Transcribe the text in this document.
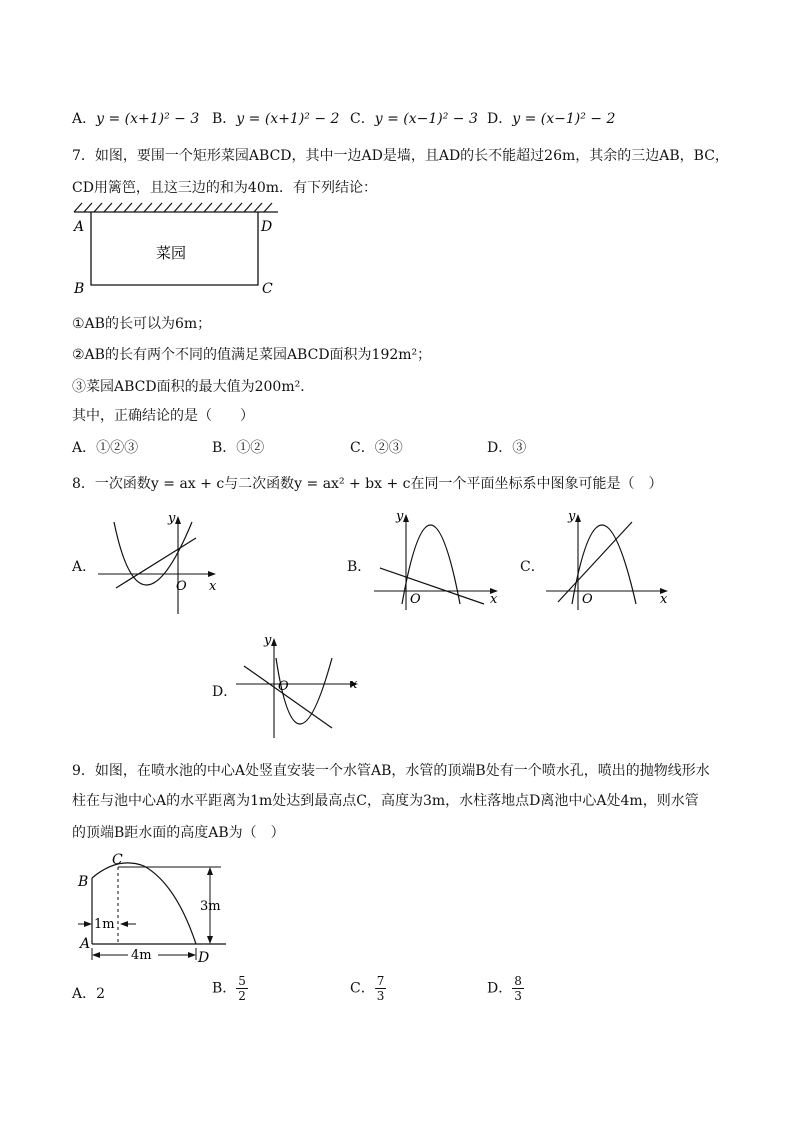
A．y = (x+1)² − 3 B．y = (x+1)² − 2 C．y = (x−1)² − 3 D．y = (x−1)² − 2
7．如图，要围一个矩形菜园ABCD，其中一边AD是墙，且AD的长不能超过26m，其余的三边AB，BC，
CD用篱笆，且这三边的和为40m．有下列结论：
菜园
A	D
B	C
①AB的长可以为6m；
②AB的长有两个不同的值满足菜园ABCD面积为192m²；
③菜园ABCD面积的最大值为200m²．
其中，正确结论的是（　　）
A．①②③	B．①②	C．②③	D．③
8．一次函数y = ax + c与二次函数y = ax² + bx + c在同一个平面坐标系中图象可能是（　）
A．
y
x
O
B．
y
x
O
C．
y
x
O
D．
y
x
O
9．如图，在喷水池的中心A处竖直安装一个水管AB，水管的顶端B处有一个喷水孔，喷出的抛物线形水
柱在与池中心A的水平距离为1m处达到最高点C，高度为3m，水柱落地点D离池中心A处4m，则水管
的顶端B距水面的高度AB为（　）
C
B
A
D
3m
1m
4m
A．2	B． $\frac{5}{2}$	C． $\frac{7}{3}$	D． $\frac{8}{3}$
